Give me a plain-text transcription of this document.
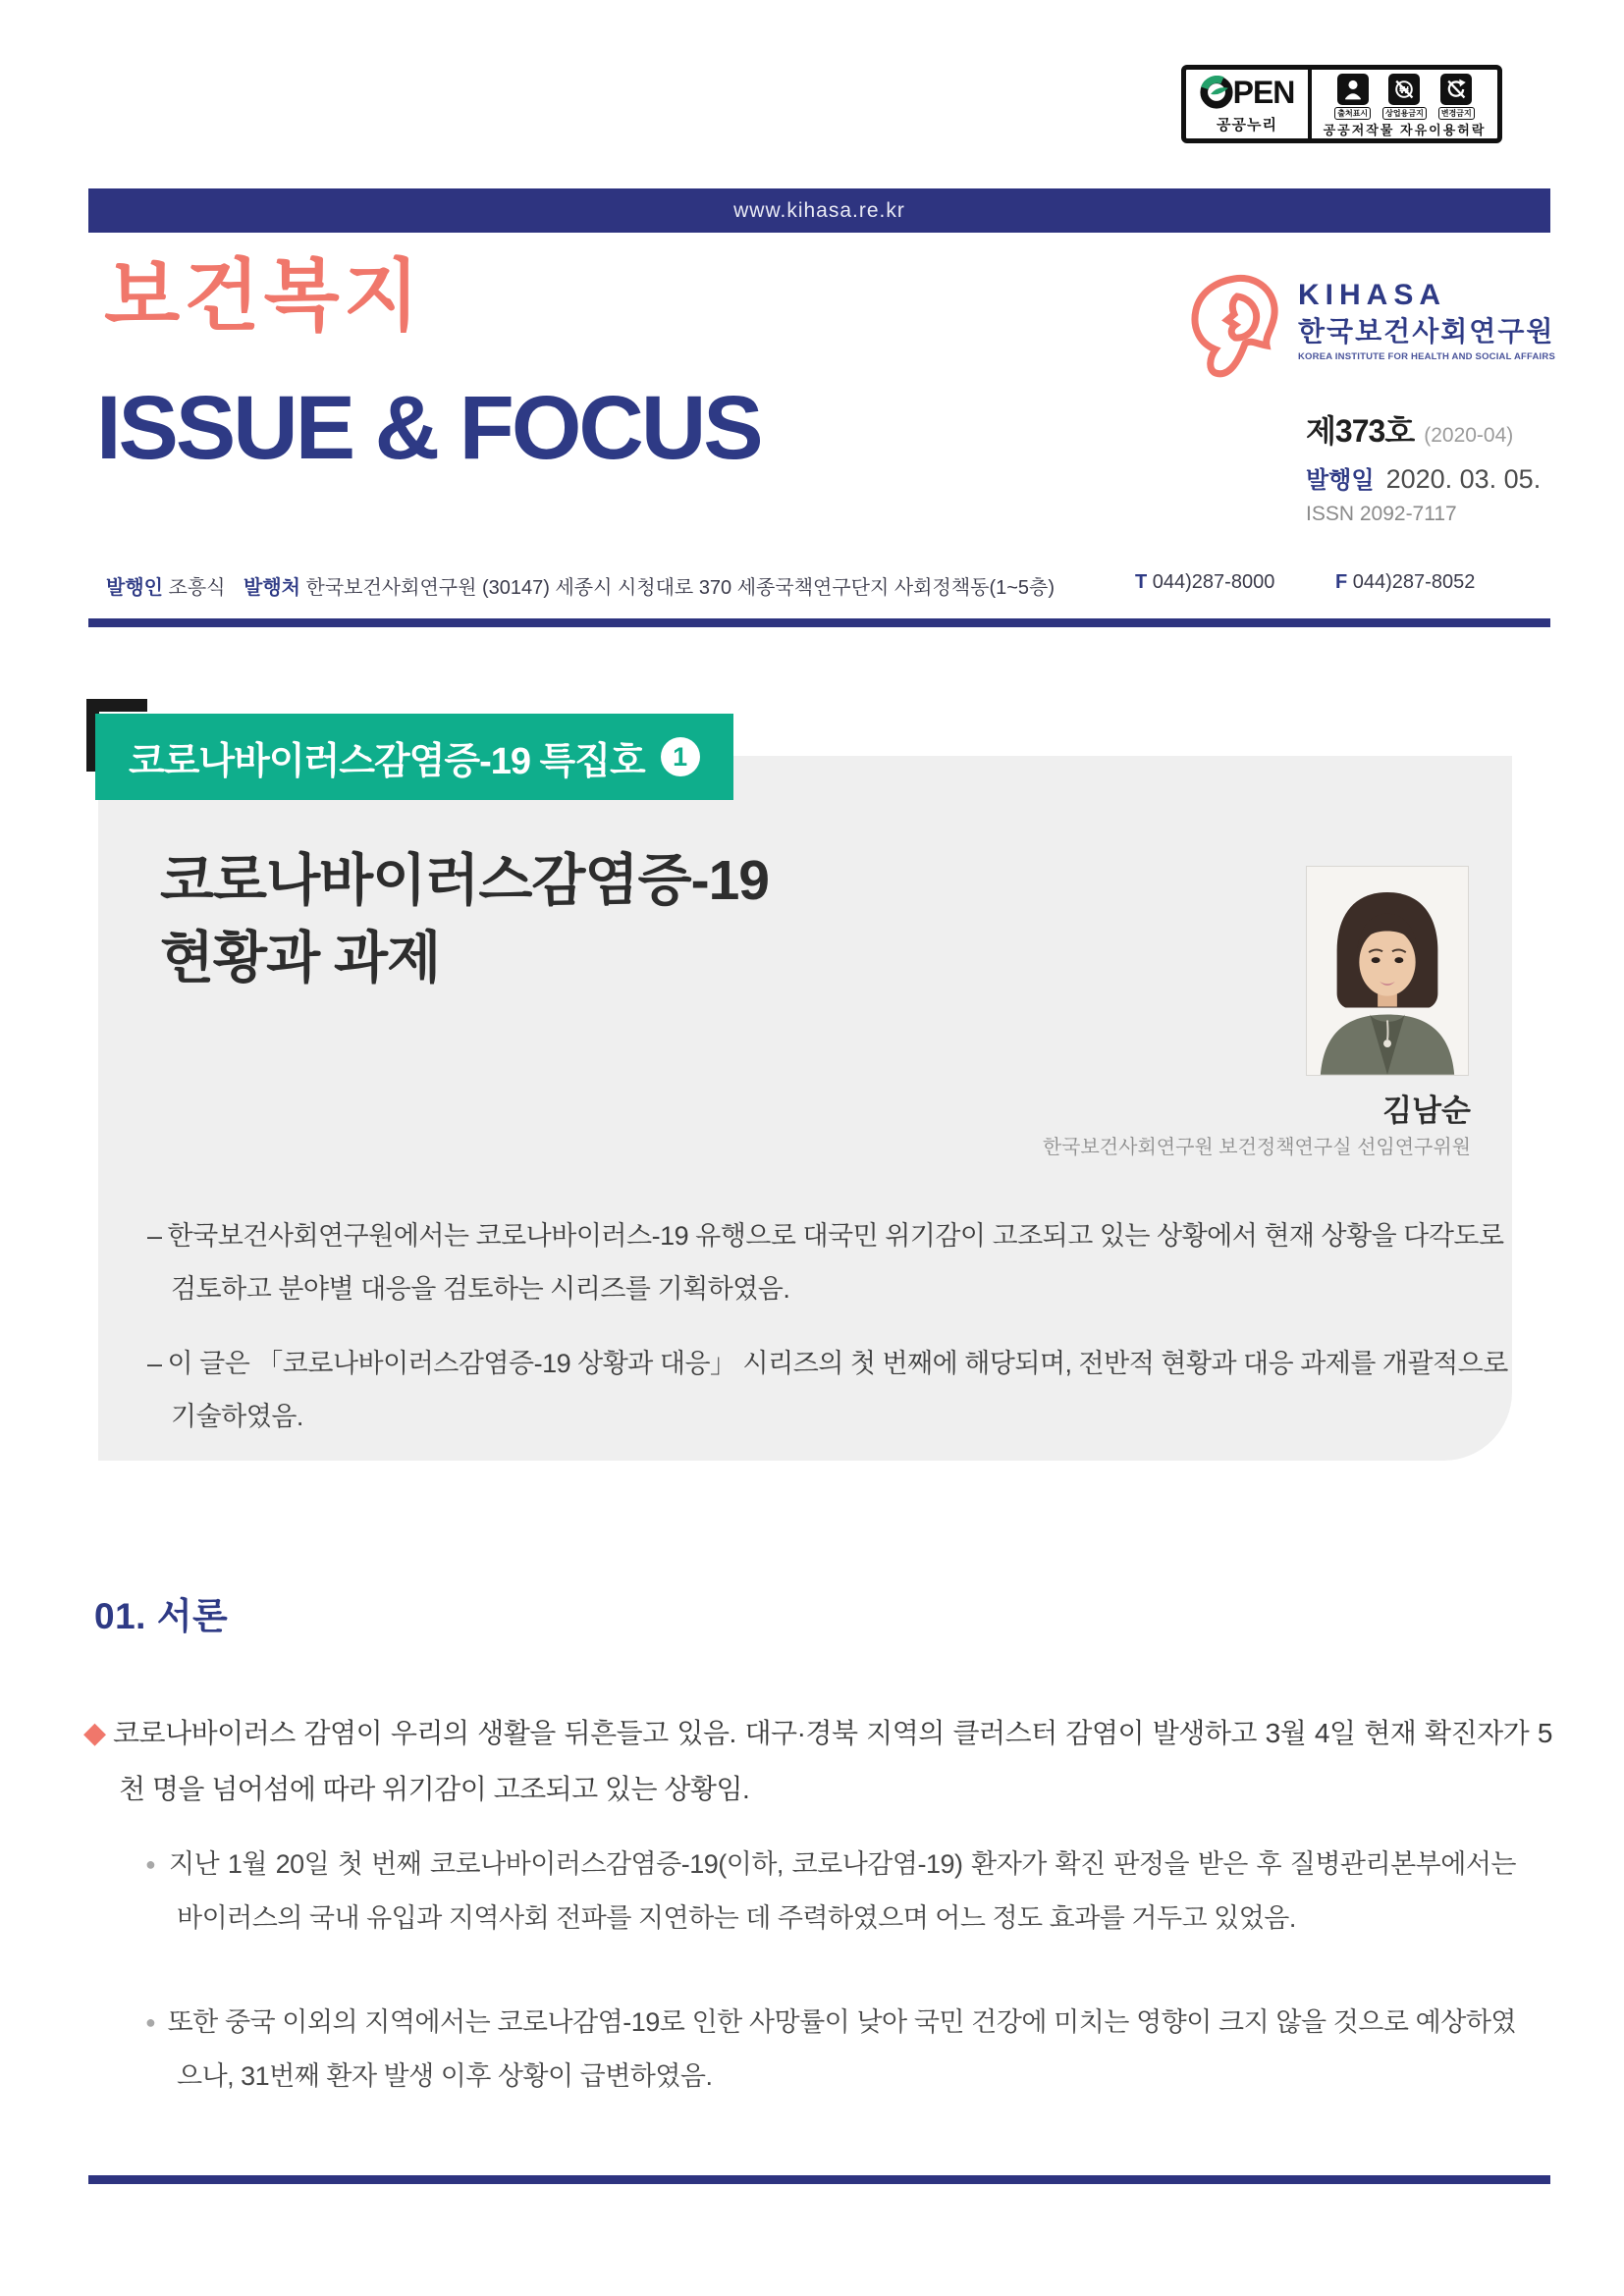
PEN
공공누리
출처표시
₩
상업용금지	변경금지
공공저작물 자유이용허락
www.kihasa.re.kr
보건복지
ISSUE & FOCUS
KIHASA
한국보건사회연구원
KOREA INSTITUTE FOR HEALTH AND SOCIAL AFFAIRS
제373호 (2020-04)
발행일 2020. 03. 05.
ISSN 2092-7117
발행인 조흥식 발행처 한국보건사회연구원 (30147) 세종시 시청대로 370 세종국책연구단지 사회정책동(1~5층)	T 044)287-8000	F 044)287-8052
코로나바이러스감염증-19 특집호	1
코로나바이러스감염증-19
현황과 과제
김남순
한국보건사회연구원 보건정책연구실 선임연구위원
– 한국보건사회연구원에서는 코로나바이러스-19 유행으로 대국민 위기감이 고조되고 있는 상황에서 현재 상황을 다각도로 검토하고 분야별 대응을 검토하는 시리즈를 기획하였음.
– 이 글은 「코로나바이러스감염증-19 상황과 대응」 시리즈의 첫 번째에 해당되며, 전반적 현황과 대응 과제를 개괄적으로 기술하였음.
01. 서론
◆ 코로나바이러스 감염이 우리의 생활을 뒤흔들고 있음. 대구·경북 지역의 클러스터 감염이 발생하고 3월 4일 현재 확진자가 5천 명을 넘어섬에 따라 위기감이 고조되고 있는 상황임.
● 지난 1월 20일 첫 번째 코로나바이러스감염증-19(이하, 코로나감염-19) 환자가 확진 판정을 받은 후 질병관리본부에서는 바이러스의 국내 유입과 지역사회 전파를 지연하는 데 주력하였으며 어느 정도 효과를 거두고 있었음.
● 또한 중국 이외의 지역에서는 코로나감염-19로 인한 사망률이 낮아 국민 건강에 미치는 영향이 크지 않을 것으로 예상하였으나, 31번째 환자 발생 이후 상황이 급변하였음.
